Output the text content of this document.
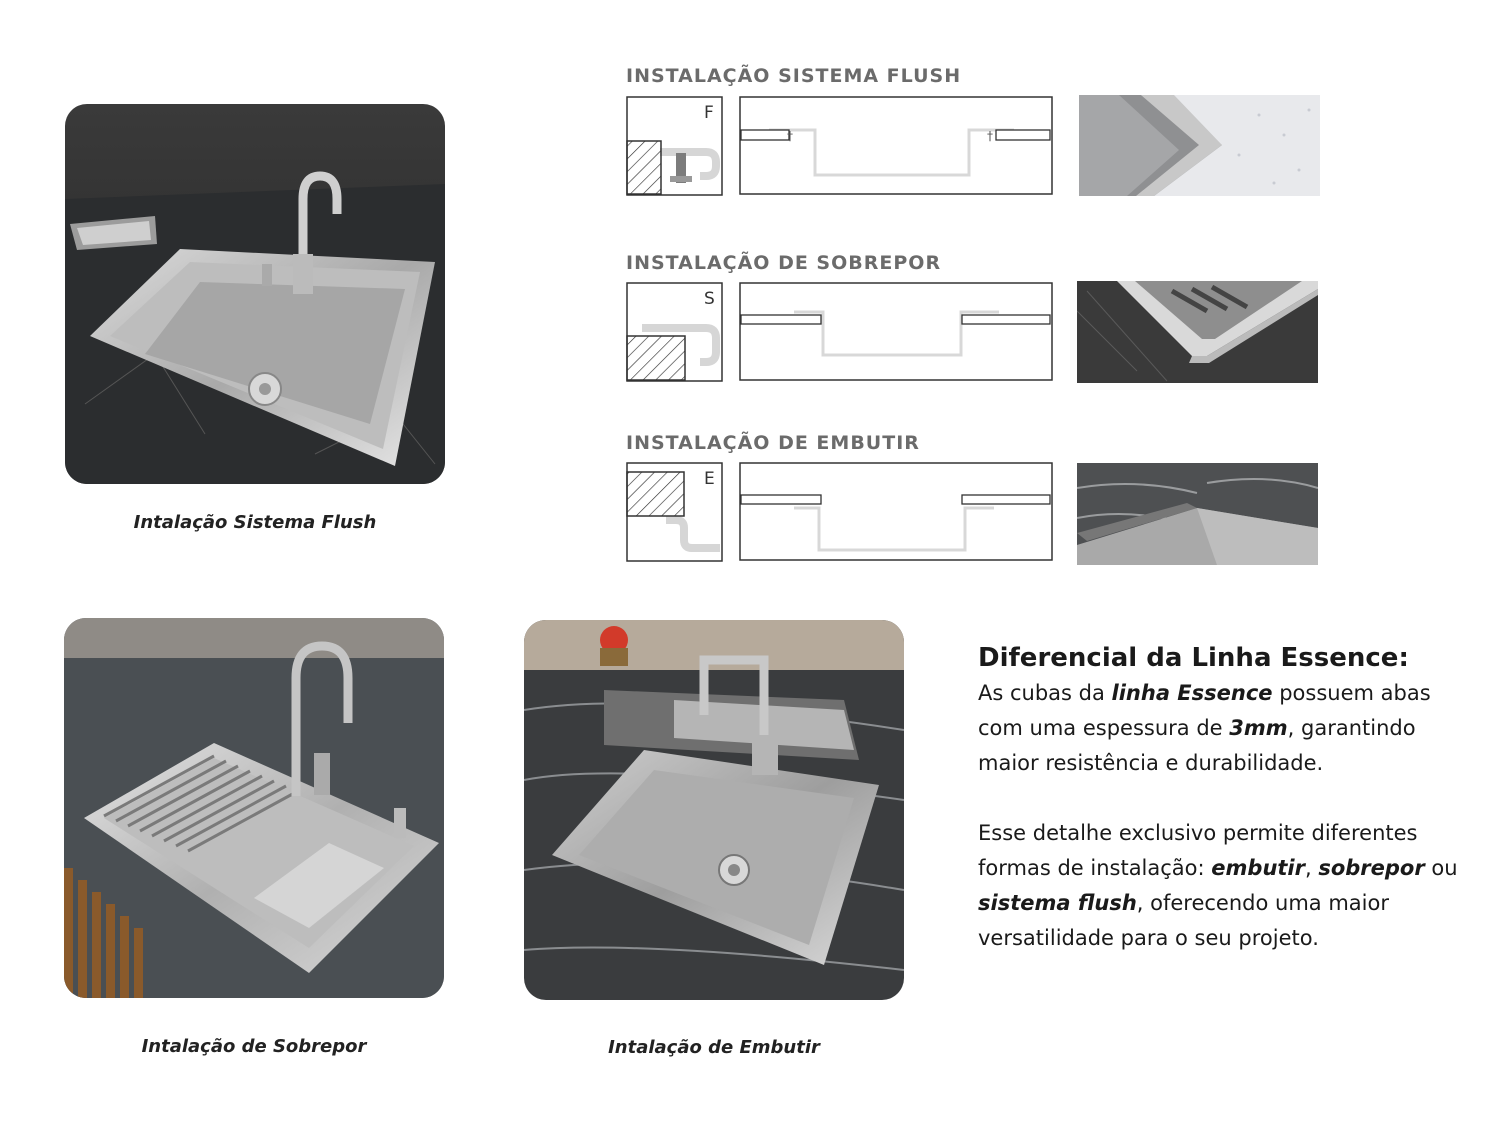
Intalação Sistema Flush
Intalação de Sobrepor	Intalação de Embutir
INSTALAÇÃO SISTEMA FLUSH
F
†	†
INSTALAÇÃO DE SOBREPOR
S
INSTALAÇÃO DE EMBUTIR
E
Diferencial da Linha Essence:

As cubas da linha Essence possuem abas com uma espessura de 3mm, garantindo maior resistência e durabilidade.

Esse detalhe exclusivo permite diferentes formas de instalação: embutir, sobrepor ou sistema flush, oferecendo uma maior versatilidade para o seu projeto.
